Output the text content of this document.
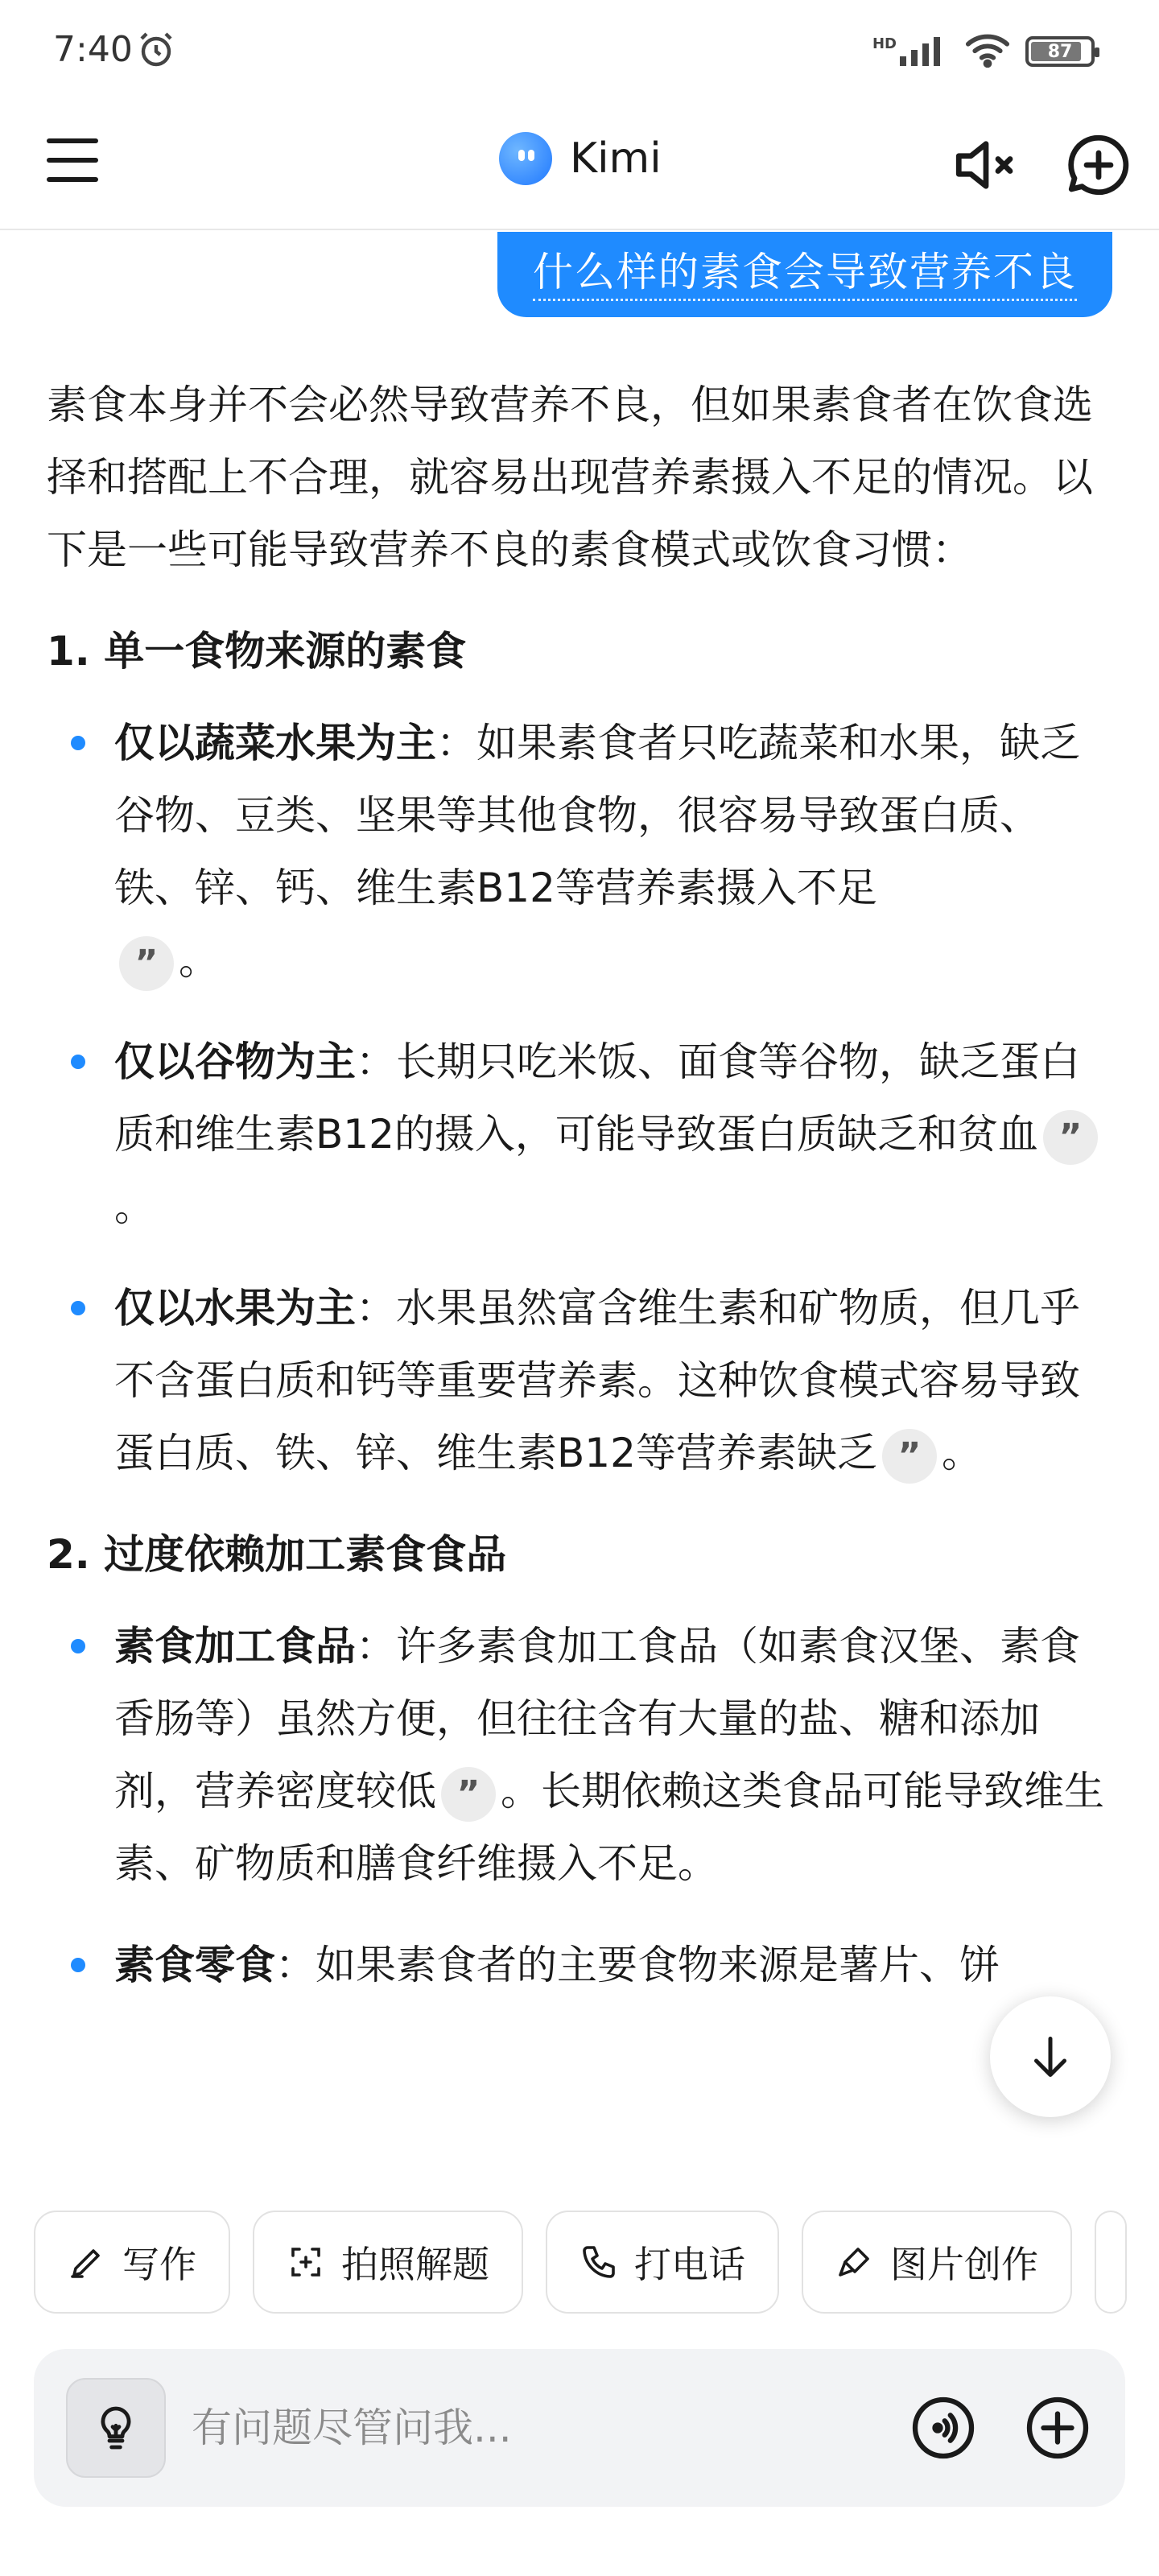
7:40	HD	87
Kimi
什么样的素食会导致营养不良

素食本身并不会必然导致营养不良，但如果素食者在饮食选择和搭配上不合理，就容易出现营养素摄入不足的情况。以下是一些可能导致营养不良的素食模式或饮食习惯：

1. 单一食物来源的素食
仅以蔬菜水果为主：如果素食者只吃蔬菜和水果，缺乏谷物、豆类、坚果等其他食物，很容易导致蛋白质、铁、锌、钙、维生素B12等营养素摄入不足
” 。
仅以谷物为主：长期只吃米饭、面食等谷物，缺乏蛋白质和维生素B12的摄入，可能导致蛋白质缺乏和贫血 ”。
仅以水果为主：水果虽然富含维生素和矿物质，但几乎不含蛋白质和钙等重要营养素。这种饮食模式容易导致蛋白质、铁、锌、维生素B12等营养素缺乏 ” 。
2. 过度依赖加工素食食品
素食加工食品：许多素食加工食品（如素食汉堡、素食香肠等）虽然方便，但往往含有大量的盐、糖和添加剂，营养密度较低 ” 。长期依赖这类食品可能导致维生素、矿物质和膳食纤维摄入不足。
素食零食：如果素食者的主要食物来源是薯片、饼
写作	拍照解题	打电话	图片创作
有问题尽管问我...
